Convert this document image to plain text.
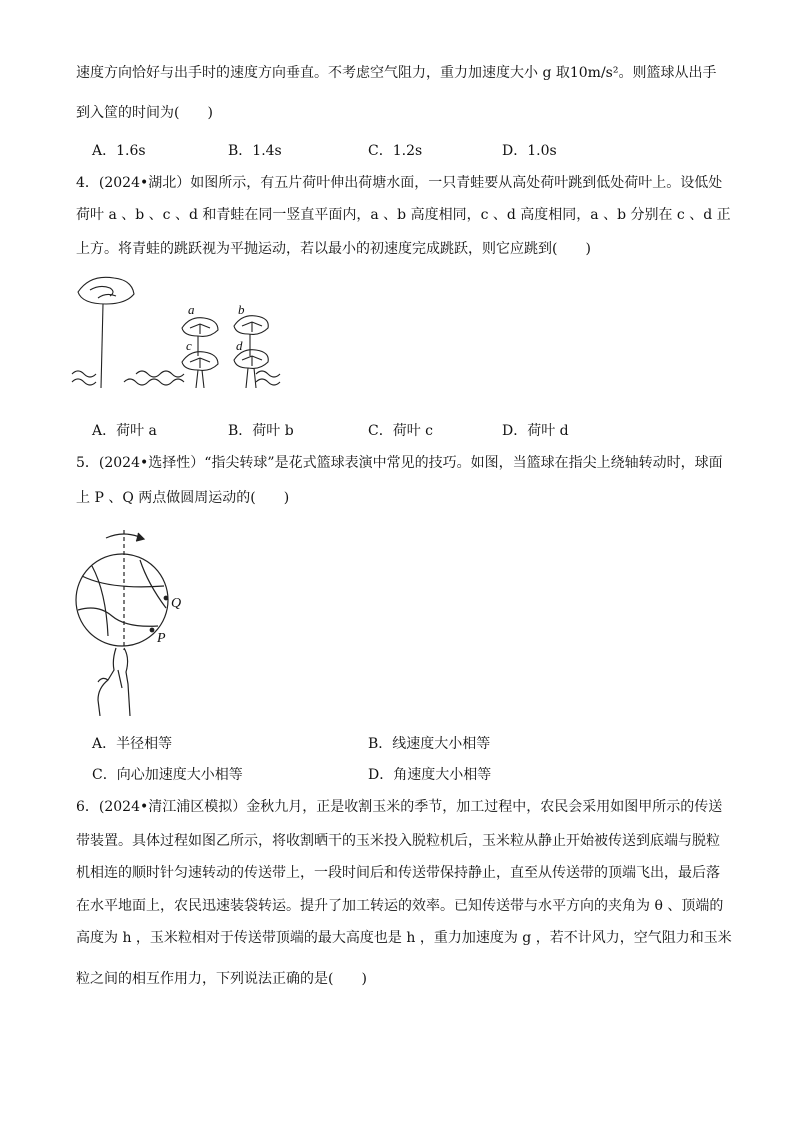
速度方向恰好与出手时的速度方向垂直。不考虑空气阻力，重力加速度大小 g 取10m/s²。则篮球从出手
到入筐的时间为(　　)
A．1.6s	B．1.4s	C．1.2s	D．1.0s
4．(2024•湖北）如图所示，有五片荷叶伸出荷塘水面，一只青蛙要从高处荷叶跳到低处荷叶上。设低处
荷叶 a 、b 、c 、d 和青蛙在同一竖直平面内，a 、b 高度相同，c 、d 高度相同，a 、b 分别在 c 、d 正
上方。将青蛙的跳跃视为平抛运动，若以最小的初速度完成跳跃，则它应跳到(　　)
a	b
c	d
A．荷叶 a	B．荷叶 b	C．荷叶 c	D．荷叶 d
5．(2024•选择性）“指尖转球”是花式篮球表演中常见的技巧。如图，当篮球在指尖上绕轴转动时，球面
上 P 、Q 两点做圆周运动的(　　)
Q
P
A．半径相等	B．线速度大小相等
C．向心加速度大小相等	D．角速度大小相等
6．(2024•清江浦区模拟）金秋九月，正是收割玉米的季节，加工过程中，农民会采用如图甲所示的传送
带装置。具体过程如图乙所示，将收割晒干的玉米投入脱粒机后，玉米粒从静止开始被传送到底端与脱粒
机相连的顺时针匀速转动的传送带上，一段时间后和传送带保持静止，直至从传送带的顶端飞出，最后落
在水平地面上，农民迅速装袋转运。提升了加工转运的效率。已知传送带与水平方向的夹角为 θ 、顶端的
高度为 h ，玉米粒相对于传送带顶端的最大高度也是 h ，重力加速度为 g ，若不计风力，空气阻力和玉米
粒之间的相互作用力，下列说法正确的是(　　)
